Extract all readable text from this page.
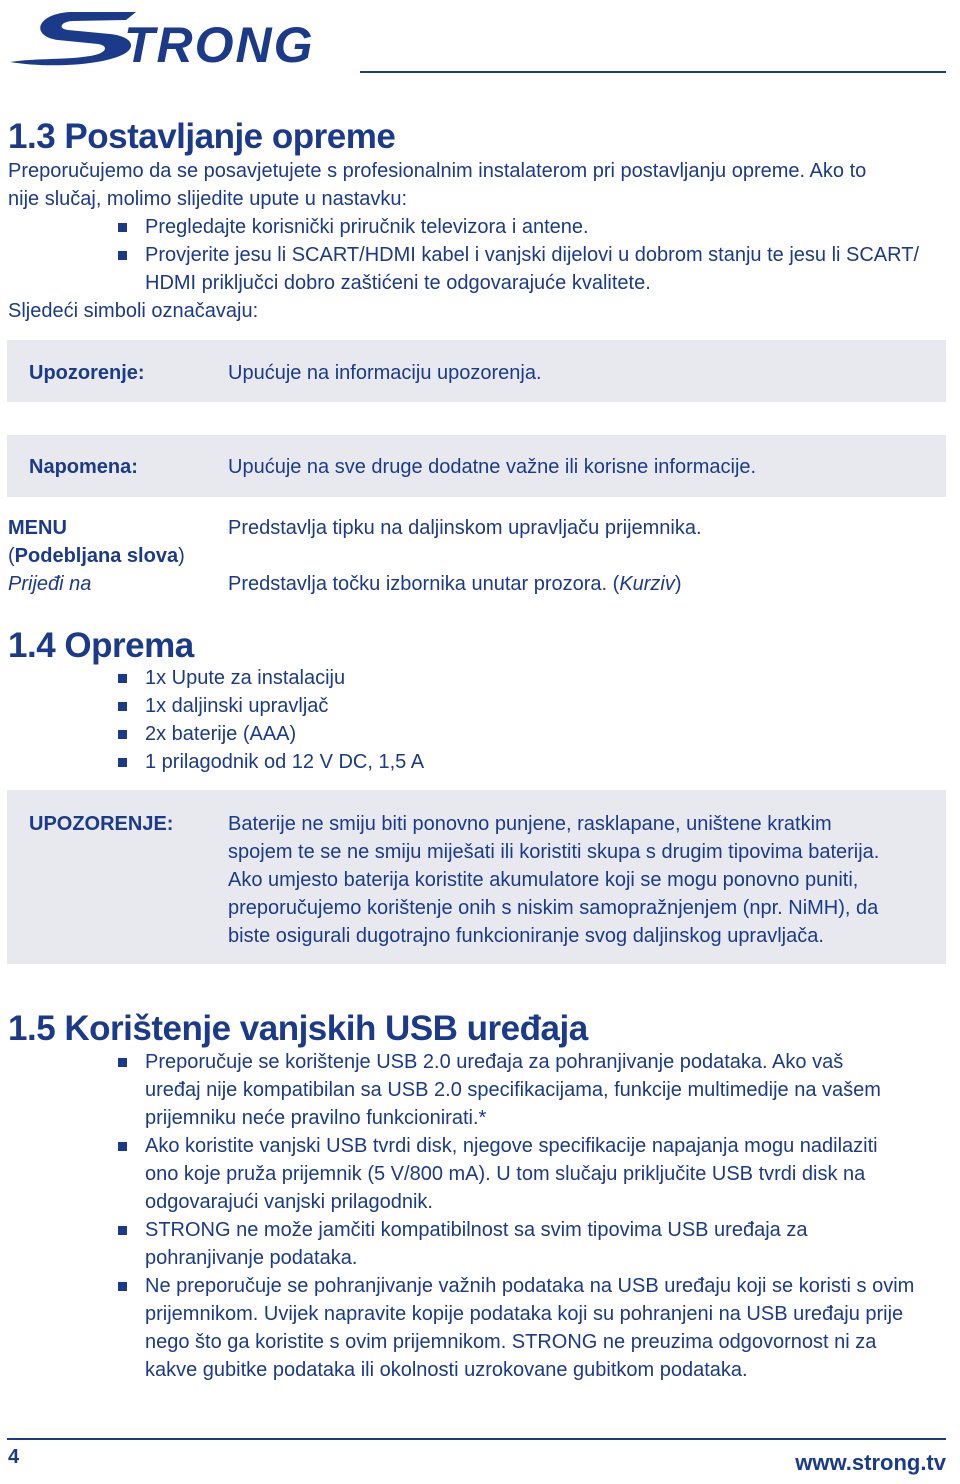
TRONG
1.3 Postavljanje opreme

Preporučujemo da se posavjetujete s profesionalnim instalaterom pri postavljanju opreme. Ako to

nije slučaj, molimo slijedite upute u nastavku:

Pregledajte korisnički priručnik televizora i antene.
Provjerite jesu li SCART/HDMI kabel i vanjski dijelovi u dobrom stanju te jesu li SCART/
HDMI priključci dobro zaštićeni te odgovarajuće kvalitete.

Sljedeći simboli označavaju:

Upozorenje:	Upućuje na informaciju upozorenja.
Napomena:	Upućuje na sve druge dodatne važne ili korisne informacije.
MENU
(Podebljana slova)
Predstavlja tipku na daljinskom upravljaču prijemnika.
Prijeđi na	Predstavlja točku izbornika unutar prozora. (Kurziv)
1.4 Oprema
1x Upute za instalaciju
1x daljinski upravljač
2x baterije (AAA)
1 prilagodnik od 12 V DC, 1,5 A
UPOZORENJE:	Baterije ne smiju biti ponovno punjene, rasklapane, uništene kratkim
spojem te se ne smiju miješati ili koristiti skupa s drugim tipovima baterija.
Ako umjesto baterija koristite akumulatore koji se mogu ponovno puniti,
preporučujemo korištenje onih s niskim samopražnjenjem (npr. NiMH), da
biste osigurali dugotrajno funkcioniranje svog daljinskog upravljača.
1.5 Korištenje vanjskih USB uređaja
Preporučuje se korištenje USB 2.0 uređaja za pohranjivanje podataka. Ako vaš
uređaj nije kompatibilan sa USB 2.0 specifikacijama, funkcije multimedije na vašem
prijemniku neće pravilno funkcionirati.*
Ako koristite vanjski USB tvrdi disk, njegove specifikacije napajanja mogu nadilaziti
ono koje pruža prijemnik (5 V/800 mA). U tom slučaju priključite USB tvrdi disk na
odgovarajući vanjski prilagodnik.
STRONG ne može jamčiti kompatibilnost sa svim tipovima USB uređaja za
pohranjivanje podataka.
Ne preporučuje se pohranjivanje važnih podataka na USB uređaju koji se koristi s ovim
prijemnikom. Uvijek napravite kopije podataka koji su pohranjeni na USB uređaju prije
nego što ga koristite s ovim prijemnikom. STRONG ne preuzima odgovornost ni za
kakve gubitke podataka ili okolnosti uzrokovane gubitkom podataka.
4	www.strong.tv
